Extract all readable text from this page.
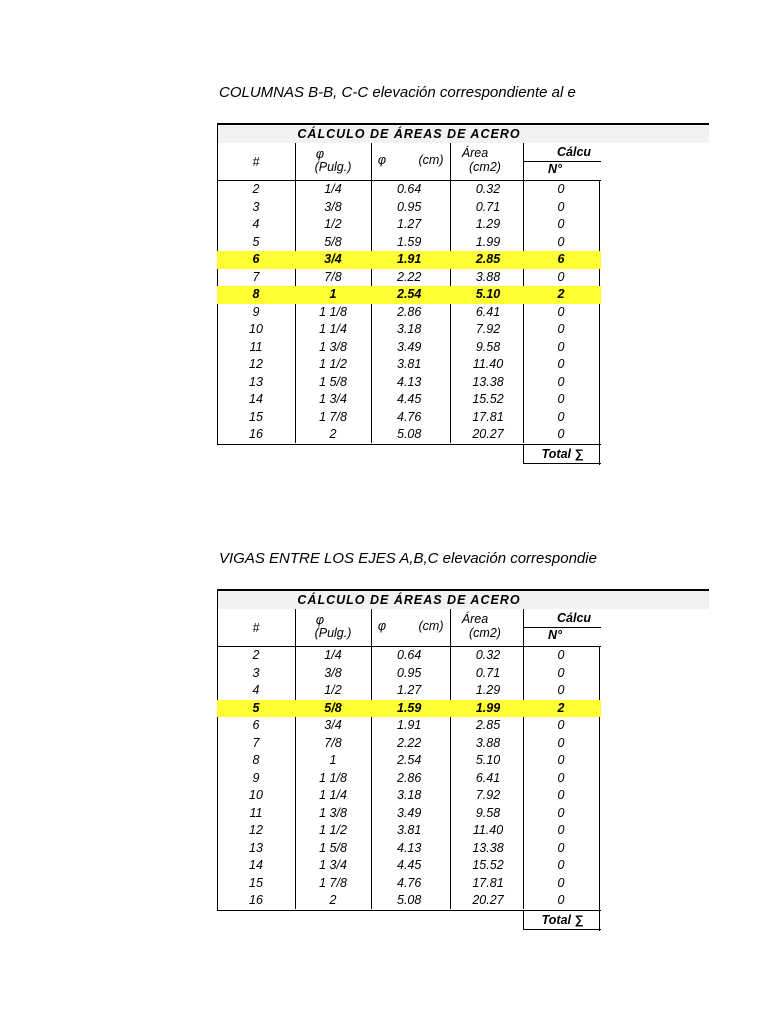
COLUMNAS B-B, C-C elevación correspondiente al e
CÁLCULO DE ÁREAS DE ACERO
#
φ
(Pulg.)	φ	(cm)	Área
(cm2)
Cálcu
N°
2	1/4	0.64	0.32	0
3	3/8	0.95	0.71	0
4	1/2	1.27	1.29	0
5	5/8	1.59	1.99	0
6	3/4	1.91	2.85	6
7	7/8	2.22	3.88	0
8	1	2.54	5.10	2
9	1 1/8	2.86	6.41	0
10	1 1/4	3.18	7.92	0
11	1 3/8	3.49	9.58	0
12	1 1/2	3.81	11.40	0
13	1 5/8	4.13	13.38	0
14	1 3/4	4.45	15.52	0
15	1 7/8	4.76	17.81	0
16	2	5.08	20.27	0
Total ∑
VIGAS ENTRE LOS EJES A,B,C elevación correspondie
CÁLCULO DE ÁREAS DE ACERO
#
φ
(Pulg.)	φ	(cm)	Área
(cm2)
Cálcu
N°
2	1/4	0.64	0.32	0
3	3/8	0.95	0.71	0
4	1/2	1.27	1.29	0
5	5/8	1.59	1.99	2
6	3/4	1.91	2.85	0
7	7/8	2.22	3.88	0
8	1	2.54	5.10	0
9	1 1/8	2.86	6.41	0
10	1 1/4	3.18	7.92	0
11	1 3/8	3.49	9.58	0
12	1 1/2	3.81	11.40	0
13	1 5/8	4.13	13.38	0
14	1 3/4	4.45	15.52	0
15	1 7/8	4.76	17.81	0
16	2	5.08	20.27	0
Total ∑
